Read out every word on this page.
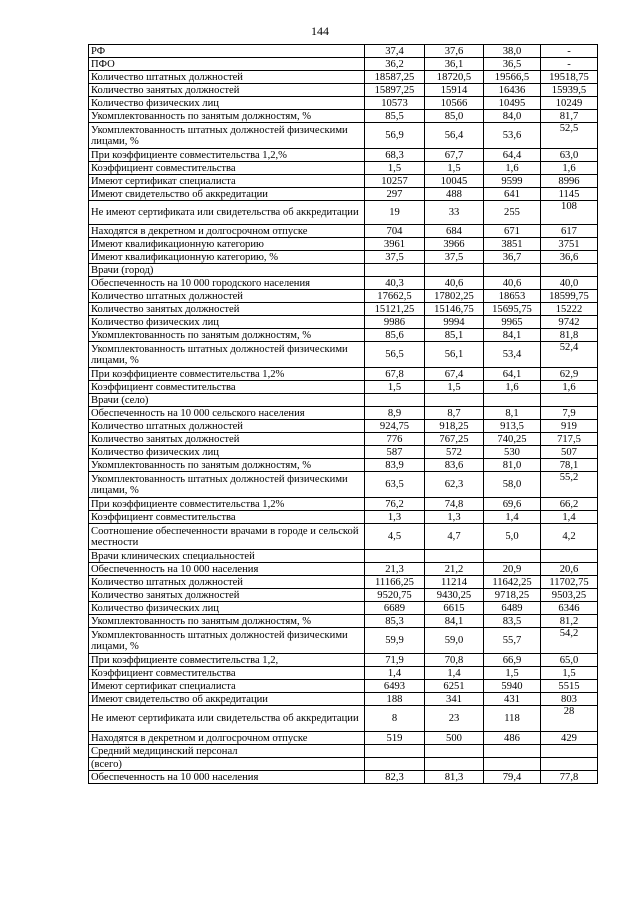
144
РФ	37,4	37,6	38,0	-
ПФО	36,2	36,1	36,5	-
Количество штатных должностей	18587,25	18720,5	19566,5	19518,75
Количество занятых должностей	15897,25	15914	16436	15939,5
Количество физических лиц	10573	10566	10495	10249
Укомплектованность по занятым должностям, %	85,5	85,0	84,0	81,7
Укомплектованность штатных должностей физическими лицами, %	56,9	56,4	53,6	52,5
При коэффициенте совместительства 1,2,%	68,3	67,7	64,4	63,0
Коэффициент совместительства	1,5	1,5	1,6	1,6
Имеют сертификат специалиста	10257	10045	9599	8996
Имеют свидетельство об аккредитации	297	488	641	1145
Не имеют сертификата или свидетельства об аккредитации	19	33	255	108
Находятся в декретном и долгосрочном отпуске	704	684	671	617
Имеют квалификационную категорию	3961	3966	3851	3751
Имеют квалификационную категорию, %	37,5	37,5	36,7	36,6
Врачи (город)				
Обеспеченность на 10 000 городского населения	40,3	40,6	40,6	40,0
Количество штатных должностей	17662,5	17802,25	18653	18599,75
Количество занятых должностей	15121,25	15146,75	15695,75	15222
Количество физических лиц	9986	9994	9965	9742
Укомплектованность по занятым должностям, %	85,6	85,1	84,1	81,8
Укомплектованность штатных должностей физическими лицами, %	56,5	56,1	53,4	52,4
При коэффициенте совместительства 1,2%	67,8	67,4	64,1	62,9
Коэффициент совместительства	1,5	1,5	1,6	1,6
Врачи (село)				
Обеспеченность на 10 000 сельского населения	8,9	8,7	8,1	7,9
Количество штатных должностей	924,75	918,25	913,5	919
Количество занятых должностей	776	767,25	740,25	717,5
Количество физических лиц	587	572	530	507
Укомплектованность по занятым должностям, %	83,9	83,6	81,0	78,1
Укомплектованность штатных должностей физическими лицами, %	63,5	62,3	58,0	55,2
При коэффициенте совместительства 1,2%	76,2	74,8	69,6	66,2
Коэффициент совместительства	1,3	1,3	1,4	1,4
Соотношение обеспеченности врачами в городе и сельской местности	4,5	4,7	5,0	4,2
Врачи клинических специальностей				
Обеспеченность на 10 000 населения	21,3	21,2	20,9	20,6
Количество штатных должностей	11166,25	11214	11642,25	11702,75
Количество занятых должностей	9520,75	9430,25	9718,25	9503,25
Количество физических лиц	6689	6615	6489	6346
Укомплектованность по занятым должностям, %	85,3	84,1	83,5	81,2
Укомплектованность штатных должностей физическими лицами, %	59,9	59,0	55,7	54,2
При коэффициенте совместительства 1,2,	71,9	70,8	66,9	65,0
Коэффициент совместительства	1,4	1,4	1,5	1,5
Имеют сертификат специалиста	6493	6251	5940	5515
Имеют свидетельство об аккредитации	188	341	431	803
Не имеют сертификата или свидетельства об аккредитации	8	23	118	28
Находятся в декретном и долгосрочном отпуске	519	500	486	429
Средний медицинский персонал				
(всего)				
Обеспеченность на 10 000 населения	82,3	81,3	79,4	77,8
